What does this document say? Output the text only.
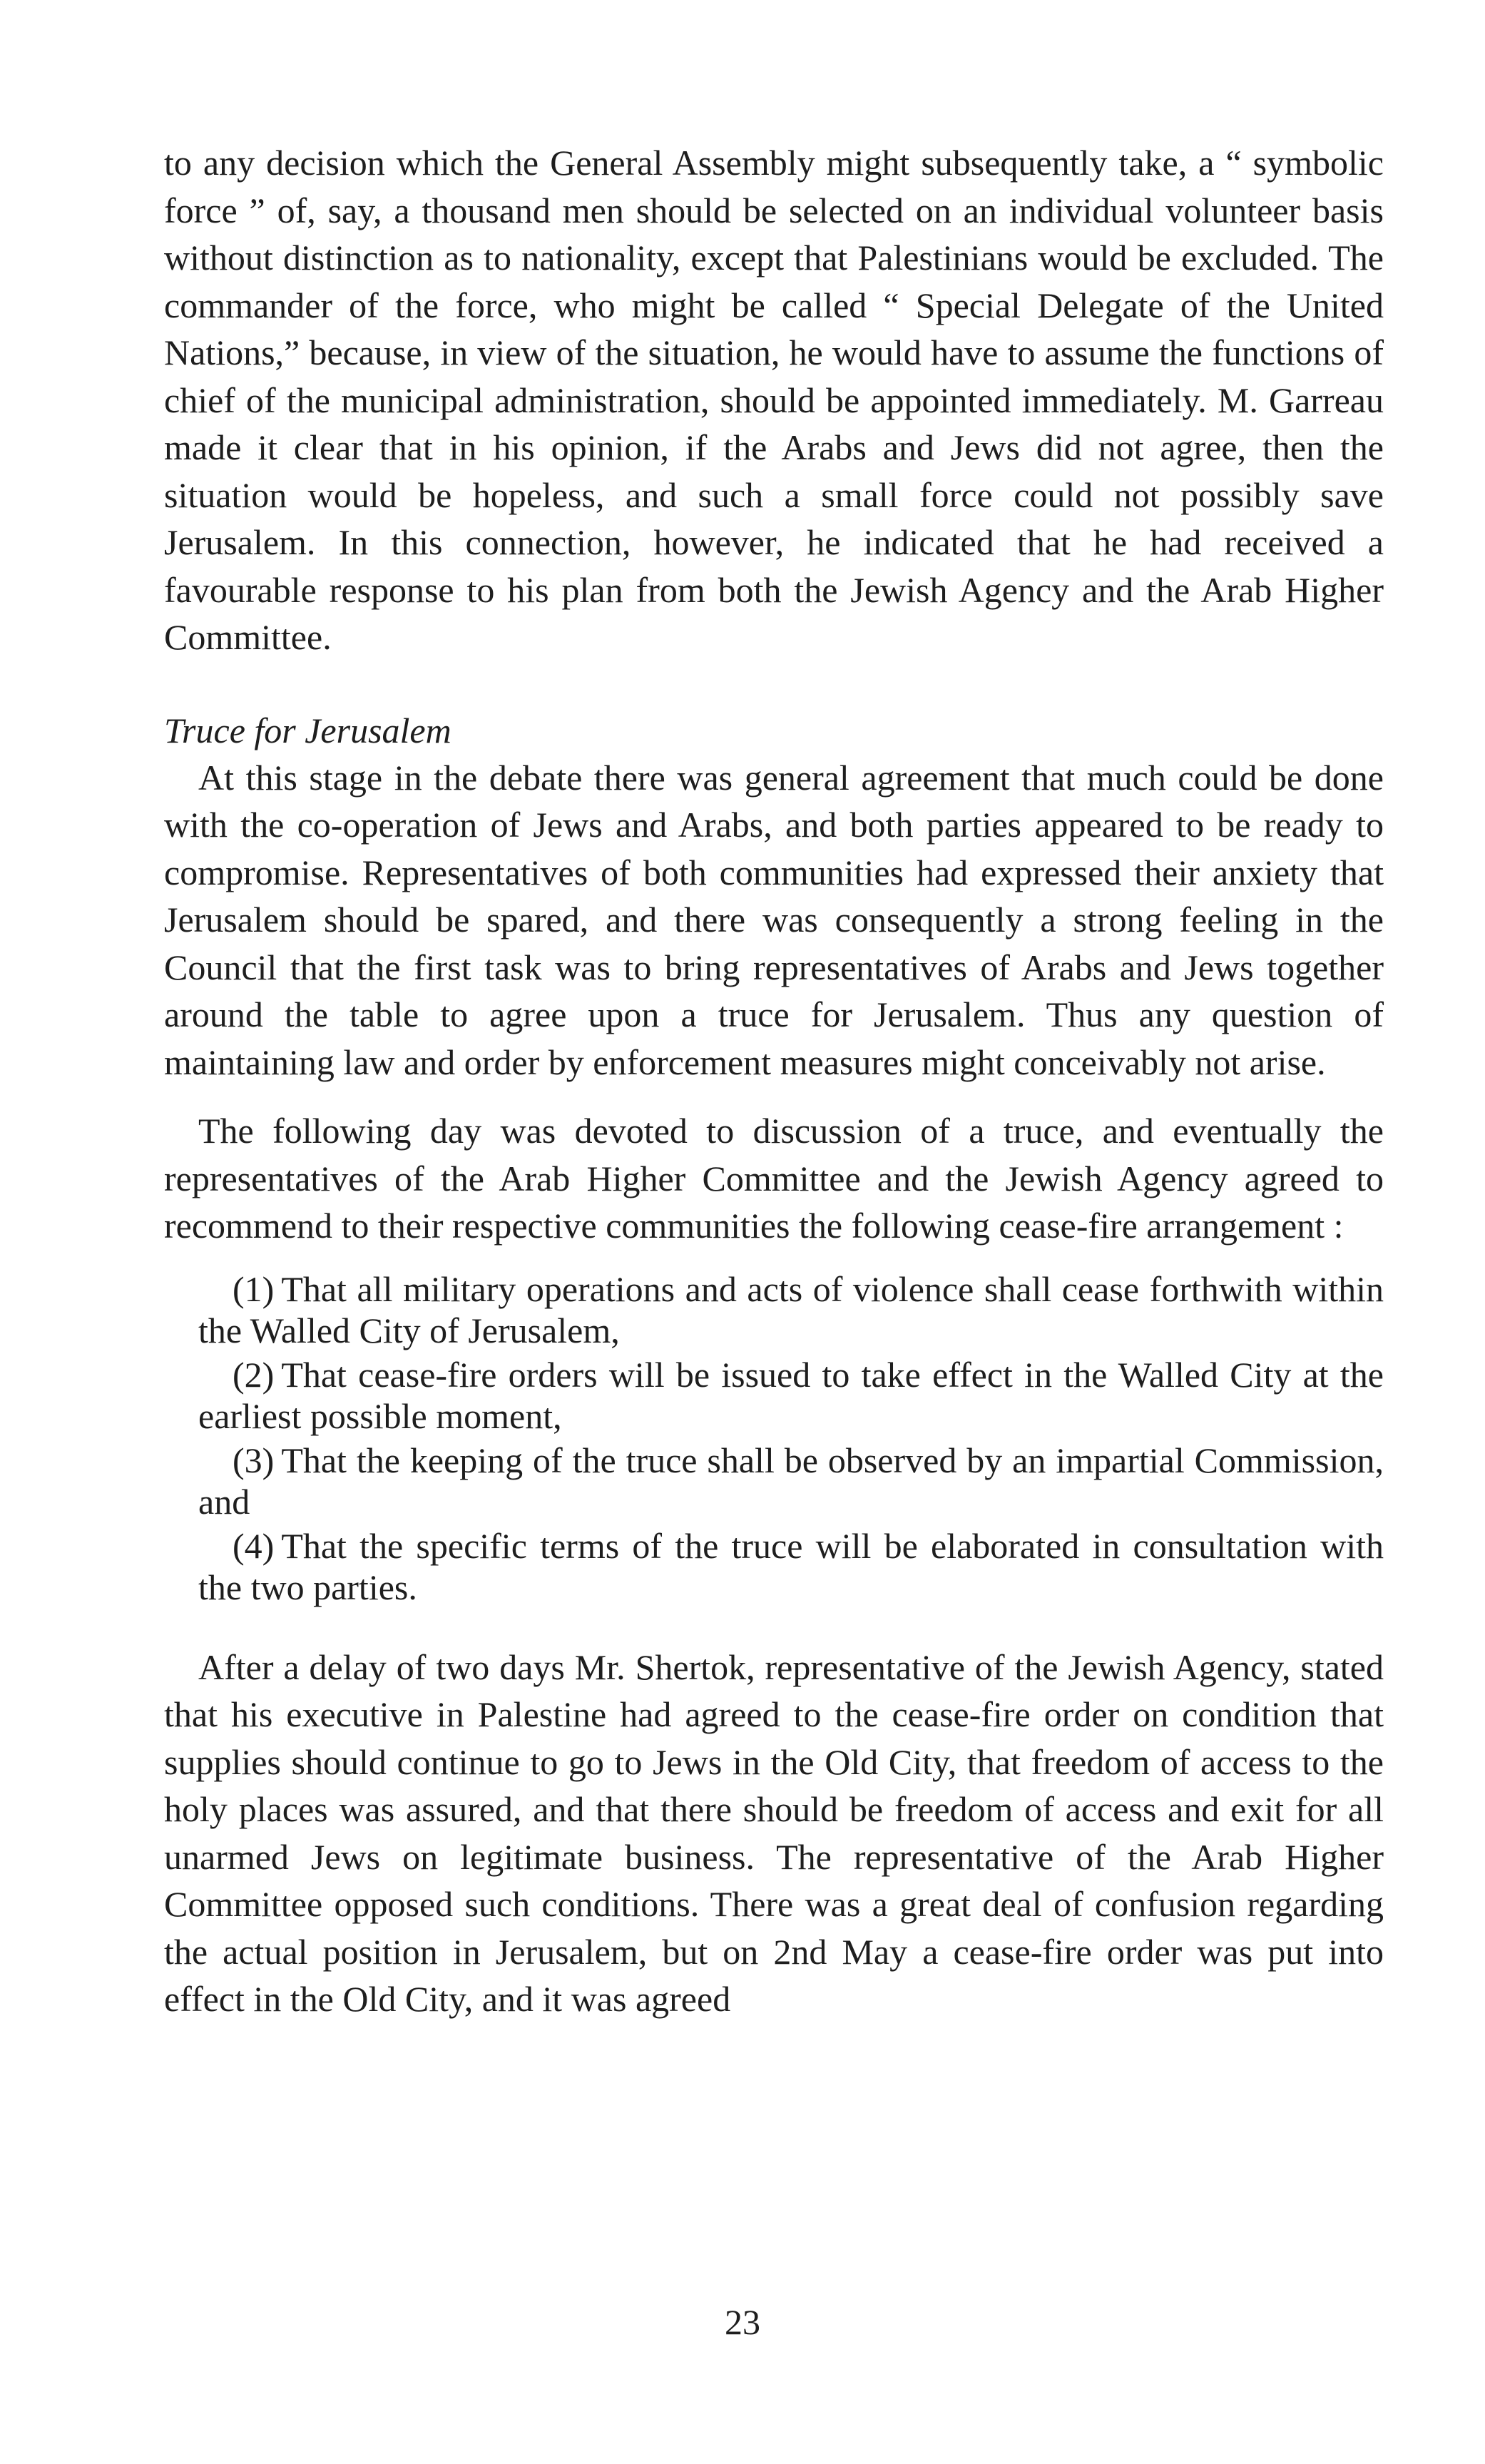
to any decision which the General Assembly might subsequently take, a “ symbolic force ” of, say, a thousand men should be selected on an individual volunteer basis without distinction as to nationality, except that Palestinians would be excluded. The commander of the force, who might be called “ Special Delegate of the United Nations,” because, in view of the situation, he would have to assume the functions of chief of the municipal administration, should be appointed immediately. M. Garreau made it clear that in his opinion, if the Arabs and Jews did not agree, then the situation would be hopeless, and such a small force could not possibly save Jerusalem. In this connection, however, he indicated that he had received a favourable response to his plan from both the Jewish Agency and the Arab Higher Committee.

Truce for Jerusalem

At this stage in the debate there was general agreement that much could be done with the co-operation of Jews and Arabs, and both parties appeared to be ready to compromise. Representatives of both communities had expressed their anxiety that Jerusalem should be spared, and there was consequently a strong feeling in the Council that the first task was to bring representatives of Arabs and Jews together around the table to agree upon a truce for Jerusalem. Thus any question of maintaining law and order by enforcement measures might conceivably not arise.

The following day was devoted to discussion of a truce, and eventually the representatives of the Arab Higher Committee and the Jewish Agency agreed to recommend to their respective communities the following cease-fire arrangement :

(1) That all military operations and acts of violence shall cease forthwith within the Walled City of Jerusalem,
(2) That cease-fire orders will be issued to take effect in the Walled City at the earliest possible moment,
(3) That the keeping of the truce shall be observed by an impartial Commission, and
(4) That the specific terms of the truce will be elaborated in consultation with the two parties.

After a delay of two days Mr. Shertok, representative of the Jewish Agency, stated that his executive in Palestine had agreed to the cease-fire order on condition that supplies should continue to go to Jews in the Old City, that freedom of access to the holy places was assured, and that there should be freedom of access and exit for all unarmed Jews on legitimate business. The representative of the Arab Higher Committee opposed such conditions. There was a great deal of confusion regarding the actual position in Jerusalem, but on 2nd May a cease-fire order was put into effect in the Old City, and it was agreed

23
